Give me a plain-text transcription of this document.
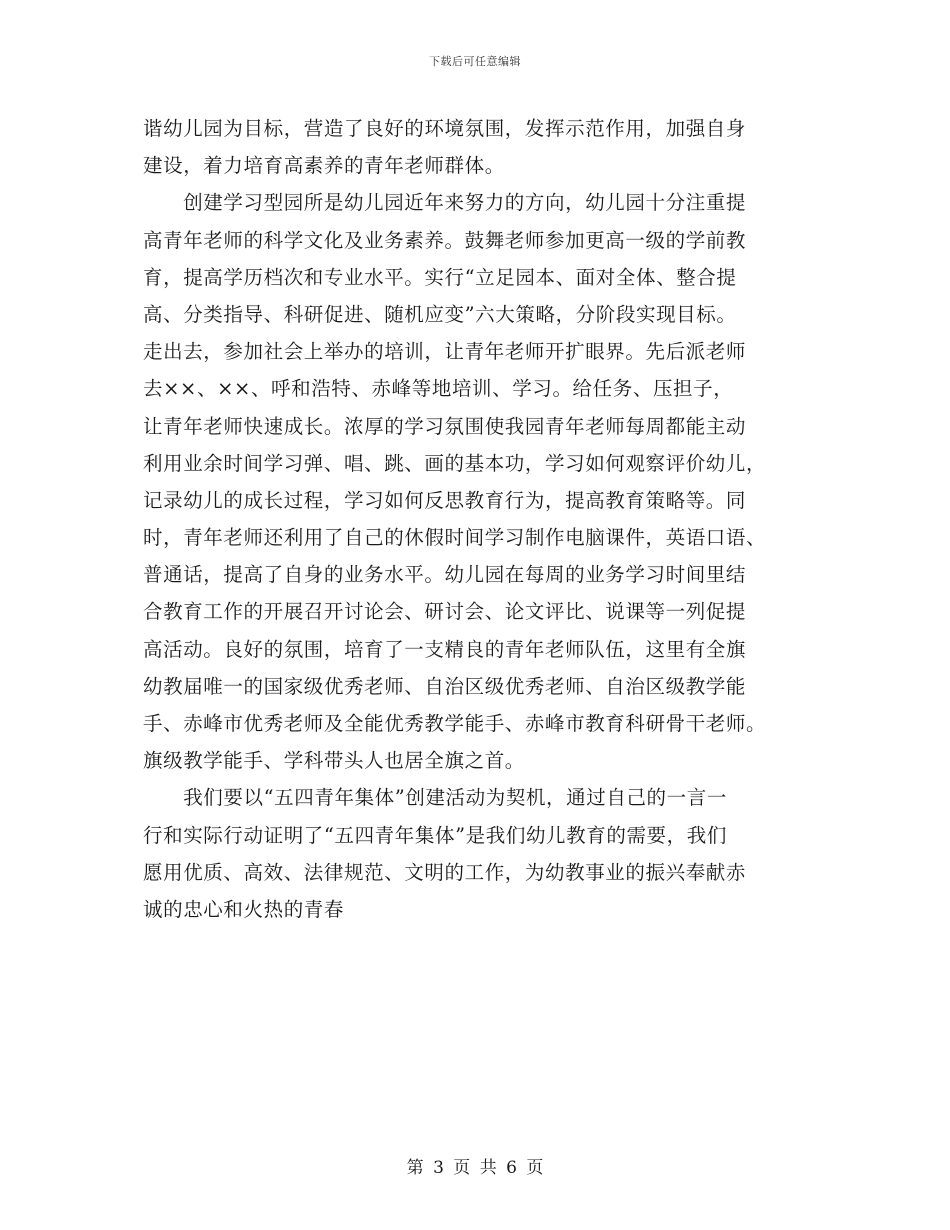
下载后可任意编辑
谐幼儿园为目标，营造了良好的环境氛围，发挥示范作用，加强自身
建设，着力培育高素养的青年老师群体。
　　创建学习型园所是幼儿园近年来努力的方向，幼儿园十分注重提
高青年老师的科学文化及业务素养。鼓舞老师参加更高一级的学前教
育，提高学历档次和专业水平。实行“立足园本、面对全体、整合提
高、分类指导、科研促进、随机应变”六大策略，分阶段实现目标。
走出去，参加社会上举办的培训，让青年老师开扩眼界。先后派老师
去××、××、呼和浩特、赤峰等地培训、学习。给任务、压担子，
让青年老师快速成长。浓厚的学习氛围使我园青年老师每周都能主动
利用业余时间学习弹、唱、跳、画的基本功，学习如何观察评价幼儿，
记录幼儿的成长过程，学习如何反思教育行为，提高教育策略等。同
时，青年老师还利用了自己的休假时间学习制作电脑课件，英语口语、
普通话，提高了自身的业务水平。幼儿园在每周的业务学习时间里结
合教育工作的开展召开讨论会、研讨会、论文评比、说课等一列促提
高活动。良好的氛围，培育了一支精良的青年老师队伍，这里有全旗
幼教届唯一的国家级优秀老师、自治区级优秀老师、自治区级教学能
手、赤峰市优秀老师及全能优秀教学能手、赤峰市教育科研骨干老师。
旗级教学能手、学科带头人也居全旗之首。
　　我们要以“五四青年集体”创建活动为契机，通过自己的一言一
行和实际行动证明了“五四青年集体”是我们幼儿教育的需要，我们
愿用优质、高效、法律规范、文明的工作，为幼教事业的振兴奉献赤
诚的忠心和火热的青春
第 3 页 共 6 页
